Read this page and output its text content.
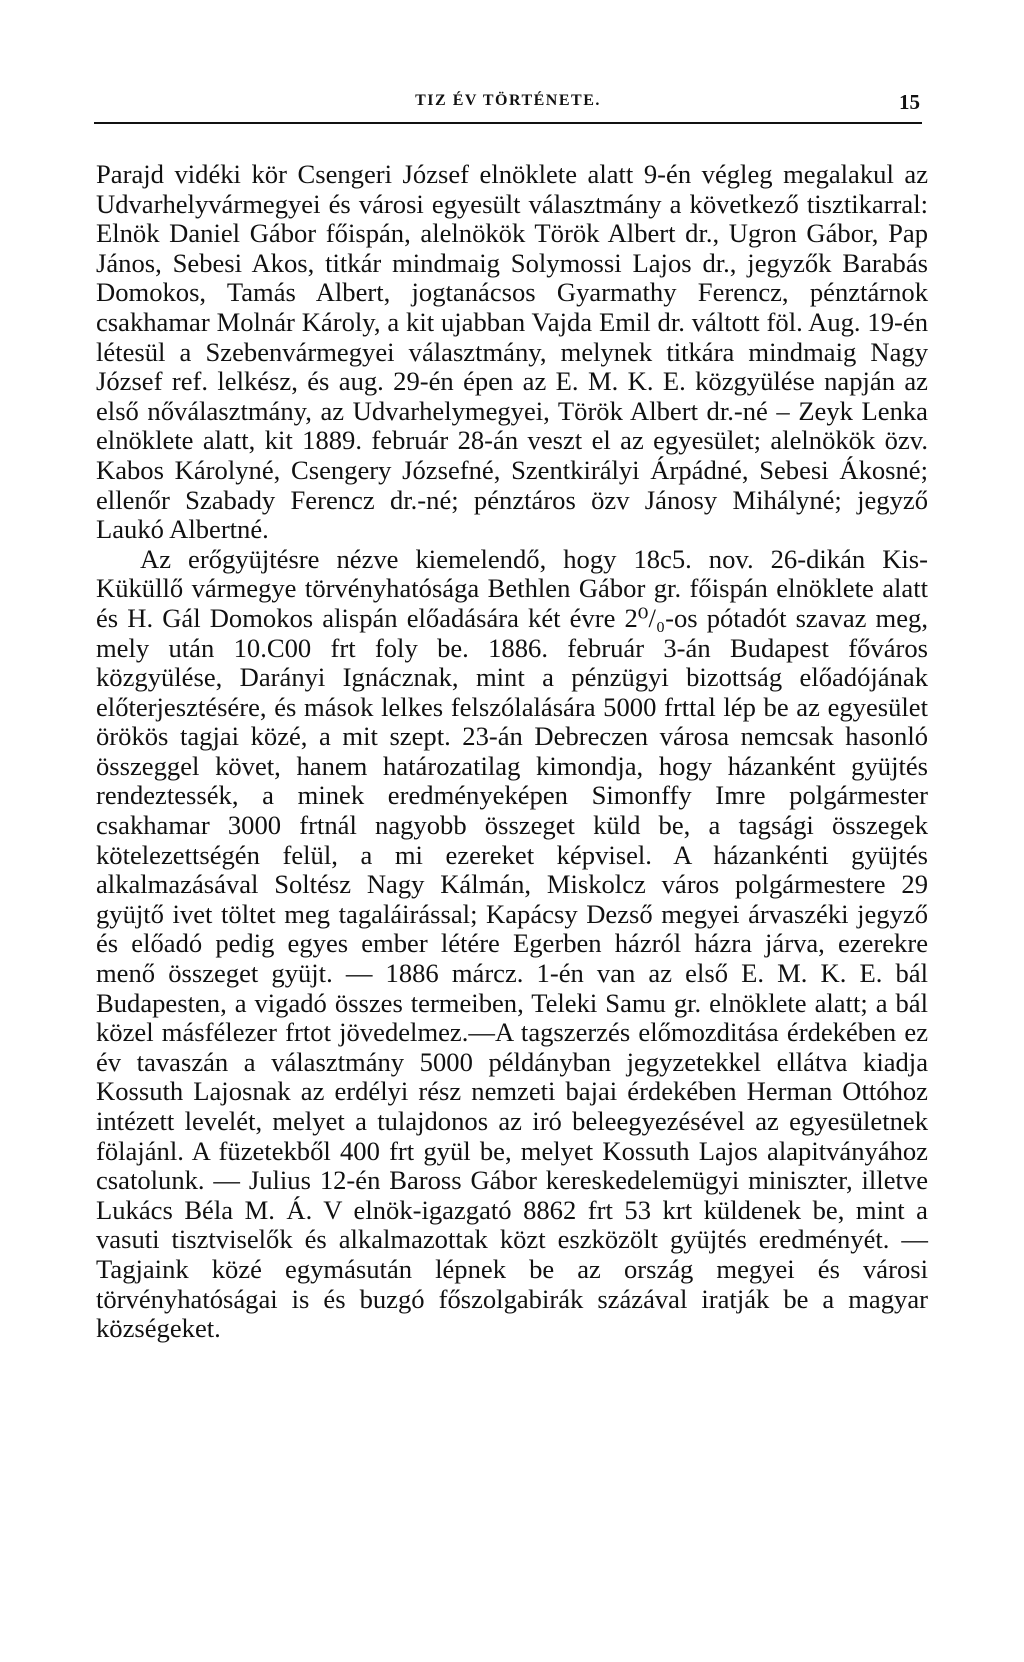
TIZ ÉV TÖRTÉNETE.	15

Parajd vidéki kör Csengeri József elnöklete alatt 9-én végleg megalakul az Udvarhelyvármegyei és városi egyesült választmány a következő tisztikarral: Elnök Daniel Gábor főispán, alelnökök Török Albert dr., Ugron Gábor, Pap János, Sebesi Akos, titkár mindmaig Solymossi Lajos dr., jegyzők Barabás Domokos, Tamás Albert, jogtanácsos Gyarmathy Ferencz, pénztárnok csakhamar Molnár Károly, a kit ujabban Vajda Emil dr. váltott föl. Aug. 19-én létesül a Szebenvármegyei választmány, melynek titkára mindmaig Nagy József ref. lelkész, és aug. 29-én épen az E. M. K. E. közgyülése napján az első nőválasztmány, az Udvarhelymegyei, Török Albert dr.-né – Zeyk Lenka elnöklete alatt, kit 1889. február 28-án veszt el az egyesület; alelnökök özv. Kabos Károlyné, Csengery Józsefné, Szentkirályi Árpádné, Sebesi Ákosné; ellenőr Szabady Ferencz dr.-né; pénztáros özv Jánosy Mihályné; jegyző Laukó Albertné.

Az erőgyüjtésre nézve kiemelendő, hogy 18c5. nov. 26-dikán Kis-Küküllő vármegye törvényhatósága Bethlen Gábor gr. főispán elnöklete alatt és H. Gál Domokos alispán előadására két évre 2⁰/₀-os pótadót szavaz meg, mely után 10.C00 frt foly be. 1886. február 3-án Budapest főváros közgyülése, Darányi Ignácznak, mint a pénzügyi bizottság előadójának előterjesztésére, és mások lelkes felszólalására 5000 frttal lép be az egyesület örökös tagjai közé, a mit szept. 23-án Debreczen városa nemcsak hasonló összeggel követ, hanem határozatilag kimondja, hogy házanként gyüjtés rendeztessék, a minek eredményeképen Simonffy Imre polgármester csakhamar 3000 frtnál nagyobb összeget küld be, a tagsági összegek kötelezettségén felül, a mi ezereket képvisel. A házankénti gyüjtés alkalmazásával Soltész Nagy Kálmán, Miskolcz város polgármestere 29 gyüjtő ivet töltet meg tagaláirással; Kapácsy Dezső megyei árvaszéki jegyző és előadó pedig egyes ember létére Egerben házról házra járva, ezerekre menő összeget gyüjt. — 1886 márcz. 1-én van az első E. M. K. E. bál Budapesten, a vigadó összes termeiben, Teleki Samu gr. elnöklete alatt; a bál közel másfélezer frtot jövedelmez.—A tagszerzés előmozditása érdekében ez év tavaszán a választmány 5000 példányban jegyzetekkel ellátva kiadja Kossuth Lajosnak az erdélyi rész nemzeti bajai érdekében Herman Ottóhoz intézett levelét, melyet a tulajdonos az iró beleegyezésével az egyesületnek fölajánl. A füzetekből 400 frt gyül be, melyet Kossuth Lajos alapitványához csatolunk. — Julius 12-én Baross Gábor kereskedelemügyi miniszter, illetve Lukács Béla M. Á. V elnök-igazgató 8862 frt 53 krt küldenek be, mint a vasuti tisztviselők és alkalmazottak közt eszközölt gyüjtés eredményét. — Tagjaink közé egymásután lépnek be az ország megyei és városi törvényhatóságai is és buzgó főszolgabirák százával iratják be a magyar községeket.
